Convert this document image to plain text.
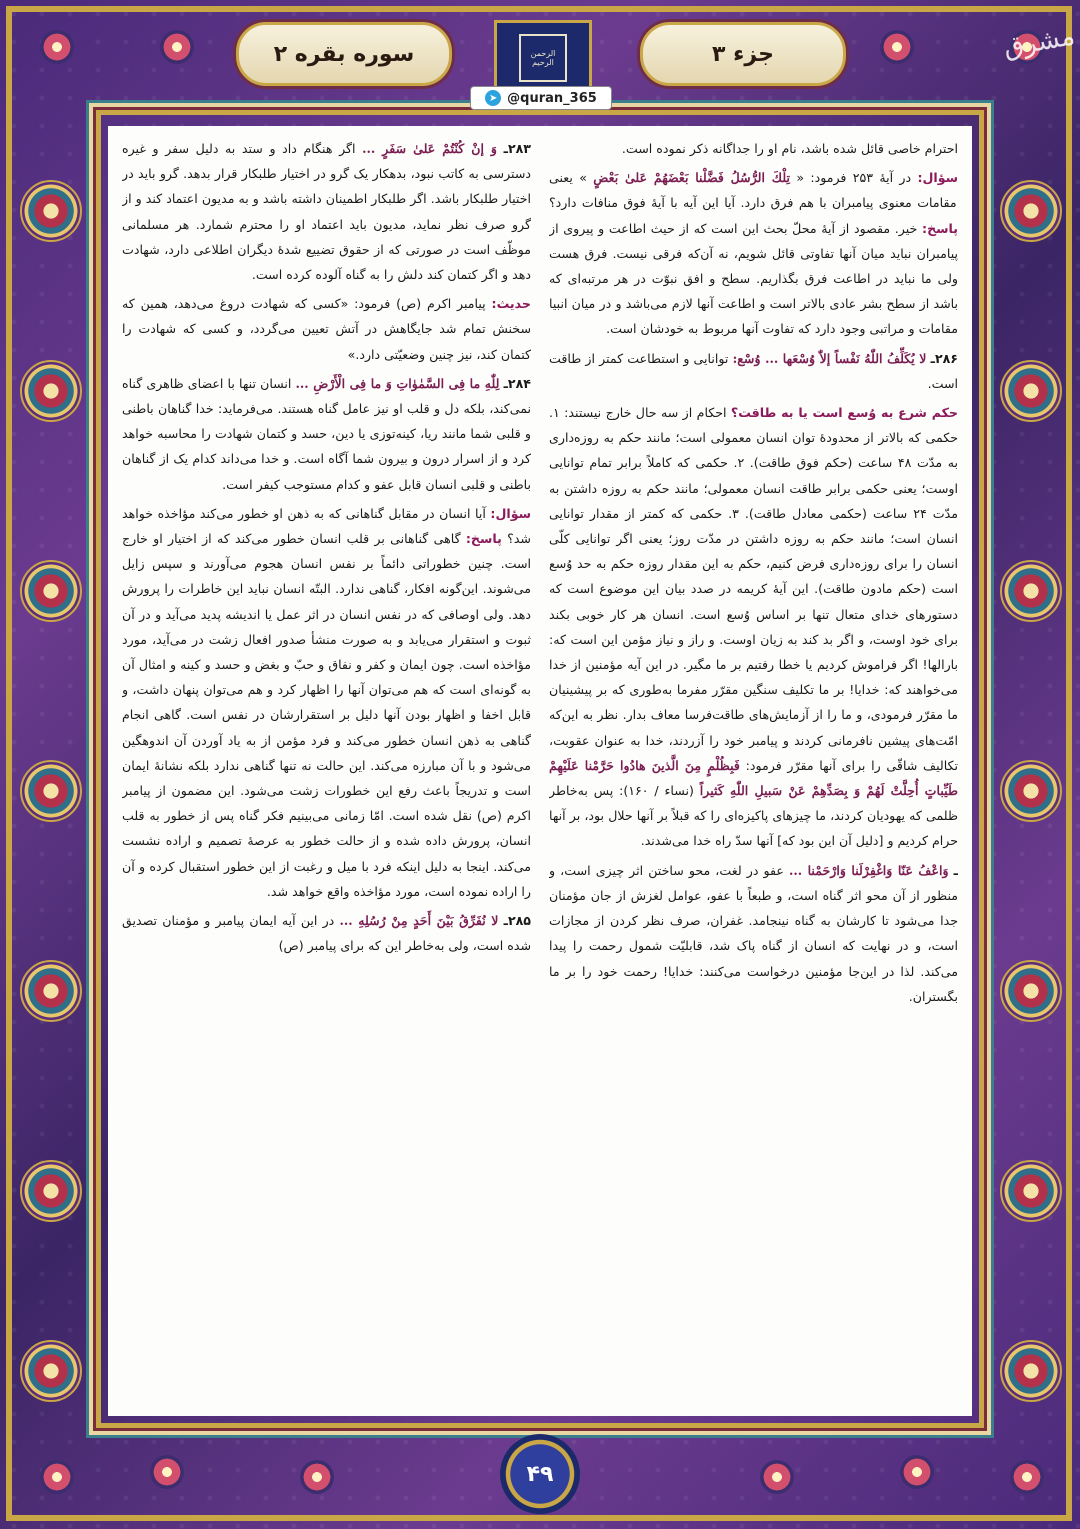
سوره بقره ۲	الرحمن الرحیم	جزء ۳	مشرق
➤ @quran_365

۲۸۳ـ وَ إنْ كُنْتُمْ عَلىٰ سَفَرٍ ... اگر هنگام داد و ستد به دلیل سفر و غیره دسترسی به کاتب نبود، بدهکار یک گرو در اختیار طلبکار قرار بدهد. گرو باید در اختیار طلبکار باشد. اگر طلبکار اطمینان داشته باشد و به مدیون اعتماد کند و از گرو صرف نظر نماید، مدیون باید اعتماد او را محترم شمارد. هر مسلمانی موظّف است در صورتی که از حقوق تضییع شدهٔ دیگران اطلاعی دارد، شهادت دهد و اگر کتمان کند دلش را به گناه آلوده کرده است.

حدیث: پیامبر اکرم (ص) فرمود: «کسی که شهادت دروغ می‌دهد، همین که سخنش تمام شد جایگاهش در آتش تعیین می‌گردد، و کسی که شهادت را کتمان کند، نیز چنین وضعیّتی دارد.»

۲۸۴ـ لِلّٰهِ ما فِی السَّمٰوٰاتِ وَ ما فِی الْأَرْضِ ... انسان تنها با اعضای ظاهری گناه نمی‌کند، بلکه دل و قلب او نیز عامل گناه هستند. می‌فرماید: خدا گناهان باطنی و قلبی شما مانند ریا، کینه‌توزی یا دین، حسد و کتمان شهادت را محاسبه خواهد کرد و از اسرار درون و بیرون شما آگاه است. و خدا می‌داند کدام یک از گناهان باطنی و قلبی انسان قابل عفو و کدام مستوجب کیفر است.

سؤال: آیا انسان در مقابل گناهانی که به ذهن او خطور می‌کند مؤاخذه خواهد شد؟ پاسخ: گاهی گناهانی بر قلب انسان خطور می‌کند که از اختیار او خارج است. چنین خطوراتی دائماً بر نفس انسان هجوم می‌آورند و سپس زایل می‌شوند. این‌گونه افکار، گناهی ندارد. البتّه انسان نباید این خاطرات را پرورش دهد. ولی اوصافی که در نفس انسان در اثر عمل یا اندیشه پدید می‌آید و در آن ثبوت و استقرار می‌یابد و به صورت منشأ صدور افعال زشت در می‌آید، مورد مؤاخذه است. چون ایمان و کفر و نفاق و حبّ و بغض و حسد و کینه و امثال آن به گونه‌ای است که هم می‌توان آنها را اظهار کرد و هم می‌توان پنهان داشت، و قابل اخفا و اظهار بودن آنها دلیل بر استقرارشان در نفس است. گاهی انجام گناهی به ذهن انسان خطور می‌کند و فرد مؤمن از به یاد آوردن آن اندوهگین می‌شود و با آن مبارزه می‌کند. این حالت نه تنها گناهی ندارد بلکه نشانهٔ ایمان است و تدریجاً باعث رفع این خطورات زشت می‌شود. این مضمون از پیامبر اکرم (ص) نقل شده است. امّا زمانی می‌بینیم فکر گناه پس از خطور به قلب انسان، پرورش داده شده و از حالت خطور به عرصهٔ تصمیم و اراده نشست می‌کند. اینجا به دلیل اینکه فرد با میل و رغبت از این خطور استقبال کرده و آن را اراده نموده است، مورد مؤاخذه واقع خواهد شد.

۲۸۵ـ لا نُفَرِّقُ بَيْنَ أَحَدٍ مِنْ رُسُلِهِ ... در این آیه ایمان پیامبر و مؤمنان تصدیق شده است، ولی به‌خاطر این که برای پیامبر (ص)

احترام خاصی قائل شده باشد، نام او را جداگانه ذکر نموده است.

سؤال: در آیهٔ ۲۵۳ فرمود: « تِلْكَ الرُّسُلُ فَضَّلْنا بَعْضَهُمْ عَلىٰ بَعْضٍ » یعنی مقامات معنوی پیامبران با هم فرق دارد. آیا این آیه با آیهٔ فوق منافات دارد؟ پاسخ: خیر. مقصود از آیهٔ محلّ بحث این است که از حیث اطاعت و پیروی از پیامبران نباید میان آنها تفاوتی قائل شویم، نه آن‌که فرقی نیست. فرق هست ولی ما نباید در اطاعت فرق بگذاریم. سطح و افق نبوّت در هر مرتبه‌ای که باشد از سطح بشر عادی بالاتر است و اطاعت آنها لازم می‌باشد و در میان انبیا مقامات و مراتبی وجود دارد که تفاوت آنها مربوط به خودشان است.

۲۸۶ـ لا يُكَلِّفُ اللّٰهُ نَفْساً إلاّٰ وُسْعَها ... وُسْع: توانایی و استطاعت کمتر از طاقت است.

حکم شرع به وُسع است یا به طاقت؟ احکام از سه حال خارج نیستند: ۱. حکمی که بالاتر از محدودهٔ توان انسان معمولی است؛ مانند حکم به روزه‌داری به مدّت ۴۸ ساعت (حکم فوق طاقت). ۲. حکمی که کاملاً برابر تمام توانایی اوست؛ یعنی حکمی برابر طاقت انسان معمولی؛ مانند حکم به روزه داشتن به مدّت ۲۴ ساعت (حکمی معادل طاقت). ۳. حکمی که کمتر از مقدار توانایی انسان است؛ مانند حکم به روزه داشتن در مدّت روز؛ یعنی اگر توانایی کلّی انسان را برای روزه‌داری فرض کنیم، حکم به این مقدار روزه حکم به حد وُسع است (حکم مادون طاقت). این آیهٔ کریمه در صدد بیان این موضوع است که دستورهای خدای متعال تنها بر اساس وُسع است. انسان هر کار خوبی بکند برای خود اوست، و اگر بد کند به زیان اوست. و راز و نیاز مؤمن این است که: بارالها! اگر فراموش کردیم یا خطا رفتیم بر ما مگیر. در این آیه مؤمنین از خدا می‌خواهند که: خدایا! بر ما تکلیف سنگین مقرّر مفرما به‌طوری که بر پیشینیان ما مقرّر فرمودی، و ما را از آزمایش‌های طاقت‌فرسا معاف بدار. نظر به این‌که امّت‌های پیشین نافرمانی کردند و پیامبر خود را آزردند، خدا به عنوان عقوبت، تکالیف شاقّی را برای آنها مقرّر فرمود: فَبِظُلْمٍ مِنَ الَّذينَ هادُوا حَرَّمْنا عَلَيْهِمْ طَيِّباتٍ أُحِلَّتْ لَهُمْ وَ بِصَدِّهِمْ عَنْ سَبيلِ اللّٰهِ كَثيراً (نساء / ۱۶۰): پس به‌خاطر ظلمی که یهودیان کردند، ما چیزهای پاکیزه‌ای را که قبلاً بر آنها حلال بود، بر آنها حرام کردیم و [دلیل آن این بود که] آنها سدّ راه خدا می‌شدند.

ـ وَاعْفُ عَنّا وَاغْفِرْلَنا وَارْحَمْنا ... عفو در لغت، محو ساختن اثر چیزی است، و منظور از آن محو اثر گناه است، و طبعاً با عفو، عوامل لغزش از جان مؤمنان جدا می‌شود تا کارشان به گناه نینجامد. غفران، صرف نظر کردن از مجازات است، و در نهایت که انسان از گناه پاک شد، قابلیّت شمول رحمت را پیدا می‌کند. لذا در این‌جا مؤمنین درخواست می‌کنند: خدایا! رحمت خود را بر ما بگستران.

۴۹
